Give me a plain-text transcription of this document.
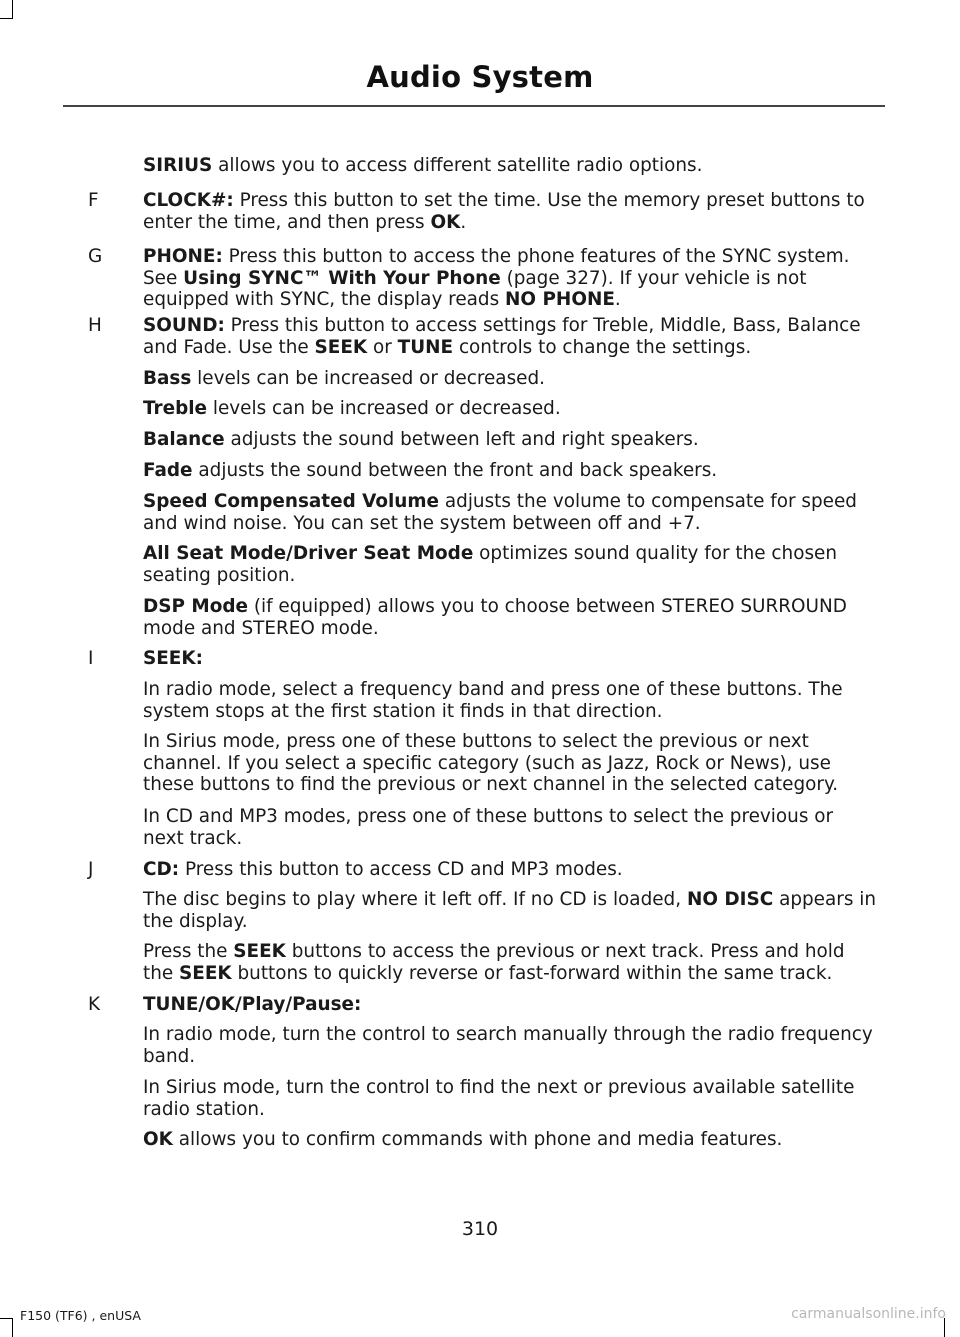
Audio System

SIRIUS allows you to access different satellite radio options.

F	CLOCK#: Press this button to set the time. Use the memory preset buttons to enter the time, and then press OK.

G	PHONE: Press this button to access the phone features of the SYNC system. See Using SYNC™ With Your Phone (page 327). If your vehicle is not equipped with SYNC, the display reads NO PHONE.

H	SOUND: Press this button to access settings for Treble, Middle, Bass, Balance and Fade. Use the SEEK or TUNE controls to change the settings.

Bass levels can be increased or decreased.

Treble levels can be increased or decreased.

Balance adjusts the sound between left and right speakers.

Fade adjusts the sound between the front and back speakers.

Speed Compensated Volume adjusts the volume to compensate for speed and wind noise. You can set the system between off and +7.

All Seat Mode/Driver Seat Mode optimizes sound quality for the chosen seating position.

DSP Mode (if equipped) allows you to choose between STEREO SURROUND mode and STEREO mode.

I	SEEK:

In radio mode, select a frequency band and press one of these buttons. The system stops at the first station it finds in that direction.

In Sirius mode, press one of these buttons to select the previous or next channel. If you select a specific category (such as Jazz, Rock or News), use these buttons to find the previous or next channel in the selected category.

In CD and MP3 modes, press one of these buttons to select the previous or next track.

J	CD: Press this button to access CD and MP3 modes.

The disc begins to play where it left off. If no CD is loaded, NO DISC appears in the display.

Press the SEEK buttons to access the previous or next track. Press and hold the SEEK buttons to quickly reverse or fast-forward within the same track.

K	TUNE/OK/Play/Pause:

In radio mode, turn the control to search manually through the radio frequency band.

In Sirius mode, turn the control to find the next or previous available satellite radio station.

OK allows you to confirm commands with phone and media features.

310
F150 (TF6) , enUSA	carmanualsonline.info
